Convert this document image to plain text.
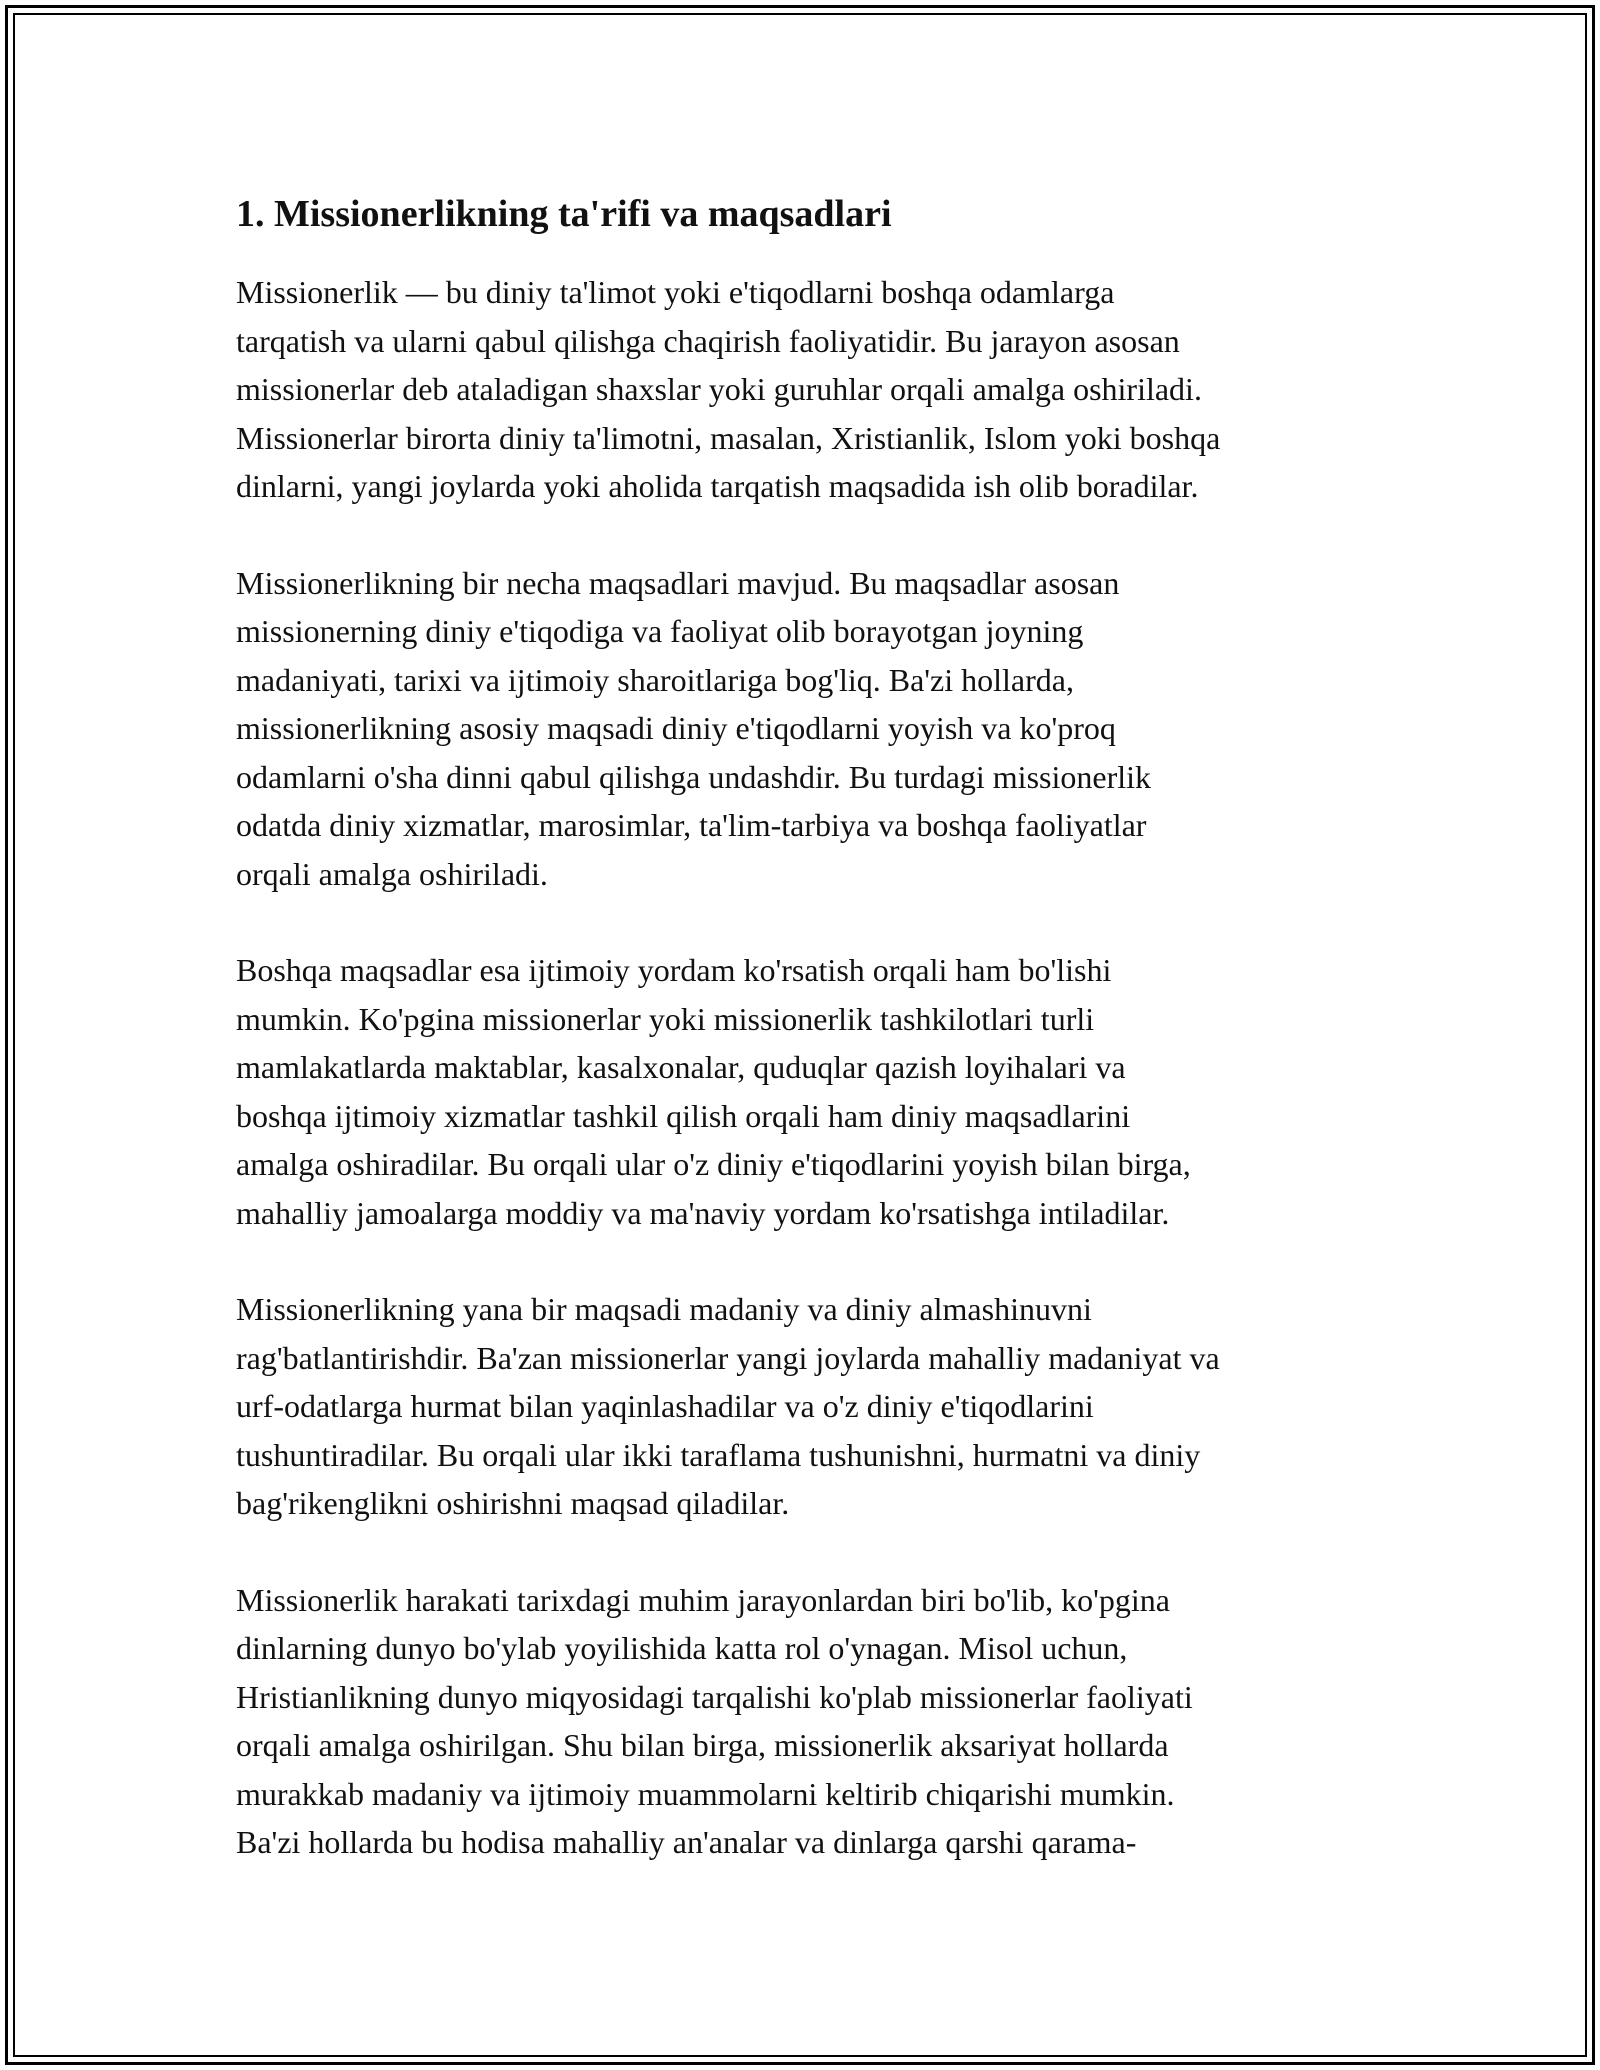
1. Missionerlikning ta'rifi va maqsadlari

Missionerlik — bu diniy ta'limot yoki e'tiqodlarni boshqa odamlarga
tarqatish va ularni qabul qilishga chaqirish faoliyatidir. Bu jarayon asosan
missionerlar deb ataladigan shaxslar yoki guruhlar orqali amalga oshiriladi.
Missionerlar birorta diniy ta'limotni, masalan, Xristianlik, Islom yoki boshqa
dinlarni, yangi joylarda yoki aholida tarqatish maqsadida ish olib boradilar.

Missionerlikning bir necha maqsadlari mavjud. Bu maqsadlar asosan
missionerning diniy e'tiqodiga va faoliyat olib borayotgan joyning
madaniyati, tarixi va ijtimoiy sharoitlariga bog'liq. Ba'zi hollarda,
missionerlikning asosiy maqsadi diniy e'tiqodlarni yoyish va ko'proq
odamlarni o'sha dinni qabul qilishga undashdir. Bu turdagi missionerlik
odatda diniy xizmatlar, marosimlar, ta'lim-tarbiya va boshqa faoliyatlar
orqali amalga oshiriladi.

Boshqa maqsadlar esa ijtimoiy yordam ko'rsatish orqali ham bo'lishi
mumkin. Ko'pgina missionerlar yoki missionerlik tashkilotlari turli
mamlakatlarda maktablar, kasalxonalar, quduqlar qazish loyihalari va
boshqa ijtimoiy xizmatlar tashkil qilish orqali ham diniy maqsadlarini
amalga oshiradilar. Bu orqali ular o'z diniy e'tiqodlarini yoyish bilan birga,
mahalliy jamoalarga moddiy va ma'naviy yordam ko'rsatishga intiladilar.

Missionerlikning yana bir maqsadi madaniy va diniy almashinuvni
rag'batlantirishdir. Ba'zan missionerlar yangi joylarda mahalliy madaniyat va
urf-odatlarga hurmat bilan yaqinlashadilar va o'z diniy e'tiqodlarini
tushuntiradilar. Bu orqali ular ikki taraflama tushunishni, hurmatni va diniy
bag'rikenglikni oshirishni maqsad qiladilar.

Missionerlik harakati tarixdagi muhim jarayonlardan biri bo'lib, ko'pgina
dinlarning dunyo bo'ylab yoyilishida katta rol o'ynagan. Misol uchun,
Hristianlikning dunyo miqyosidagi tarqalishi ko'plab missionerlar faoliyati
orqali amalga oshirilgan. Shu bilan birga, missionerlik aksariyat hollarda
murakkab madaniy va ijtimoiy muammolarni keltirib chiqarishi mumkin.
Ba'zi hollarda bu hodisa mahalliy an'analar va dinlarga qarshi qarama-
